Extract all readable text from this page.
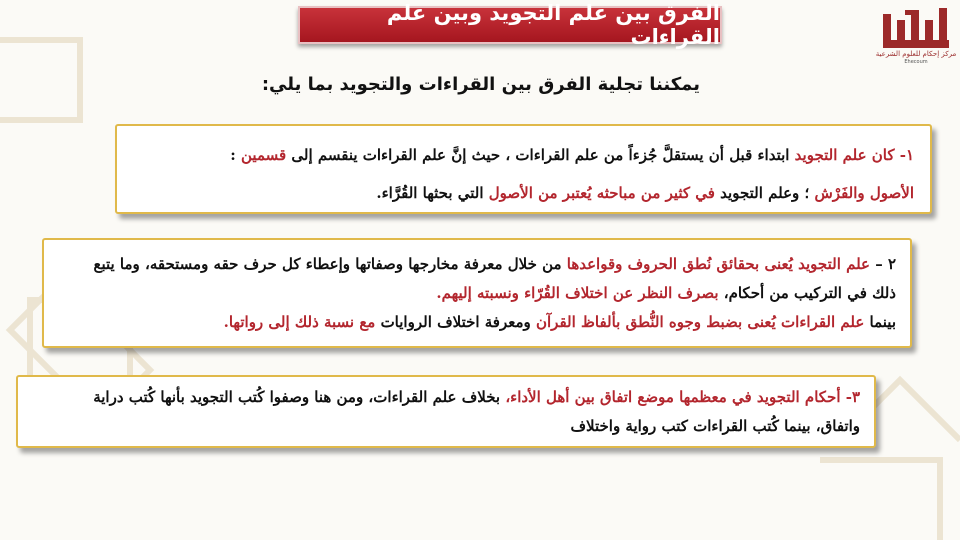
الفرق بين علم التجويد وبين علم القراءات
مركز إحكام للعلوم الشرعية
Ehecoum
يمكننا تجلية الفرق بين القراءات والتجويد بما يلي:

١- كان علم التجويد ابتداء قبل أن يستقلَّ جُزءاً من علم القراءات ، حيث إنَّ علم القراءات ينقسم إلى قسمين :

الأصول والفَرْش ؛ وعلم التجويد في كثير من مباحثه يُعتبر من الأصول التي بحثها القُرَّاء.

٢ – علم التجويد يُعنى بحقائق نُطق الحروف وقواعدها من خلال معرفة مخارجها وصفاتها وإعطاء كل حرف حقه ومستحقه، وما يتبع

ذلك في التركيب من أحكام، بصرف النظر عن اختلاف القُرّاء ونسبته إليهم.

بينما علم القراءات يُعنى بضبط وجوه النُّطق بألفاظ القرآن ومعرفة اختلاف الروايات مع نسبة ذلك إلى رواتها.

٣- أحكام التجويد في معظمها موضع اتفاق بين أهل الأداء، بخلاف علم القراءات، ومن هنا وصفوا كُتب التجويد بأنها كُتب دراية

واتفاق، بينما كُتب القراءات كتب رواية واختلاف
